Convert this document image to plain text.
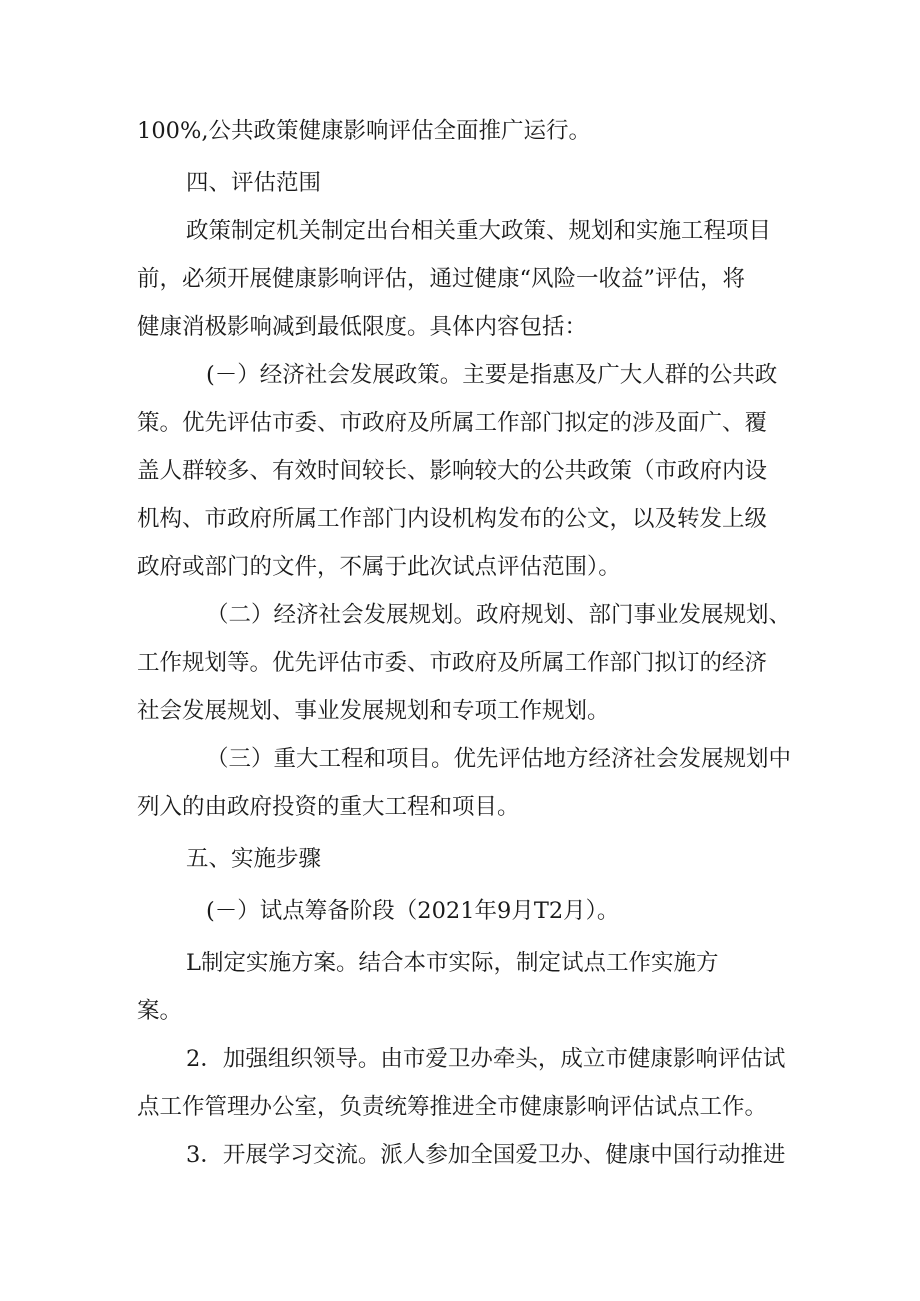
100%,公共政策健康影响评估全面推广运行。

四、评估范围

政策制定机关制定出台相关重大政策、规划和实施工程项目

前，必须开展健康影响评估，通过健康“风险一收益”评估，将

健康消极影响减到最低限度。具体内容包括：

(－）经济社会发展政策。主要是指惠及广大人群的公共政

策。优先评估市委、市政府及所属工作部门拟定的涉及面广、覆

盖人群较多、有效时间较长、影响较大的公共政策（市政府内设

机构、市政府所属工作部门内设机构发布的公文，以及转发上级

政府或部门的文件，不属于此次试点评估范围）。

（二）经济社会发展规划。政府规划、部门事业发展规划、

工作规划等。优先评估市委、市政府及所属工作部门拟订的经济

社会发展规划、事业发展规划和专项工作规划。

（三）重大工程和项目。优先评估地方经济社会发展规划中

列入的由政府投资的重大工程和项目。

五、实施步骤

(－）试点筹备阶段（2021年9月T2月）。

L制定实施方案。结合本市实际，制定试点工作实施方

案。

2．加强组织领导。由市爱卫办牵头，成立市健康影响评估试

点工作管理办公室，负责统筹推进全市健康影响评估试点工作。

3．开展学习交流。派人参加全国爱卫办、健康中国行动推进
